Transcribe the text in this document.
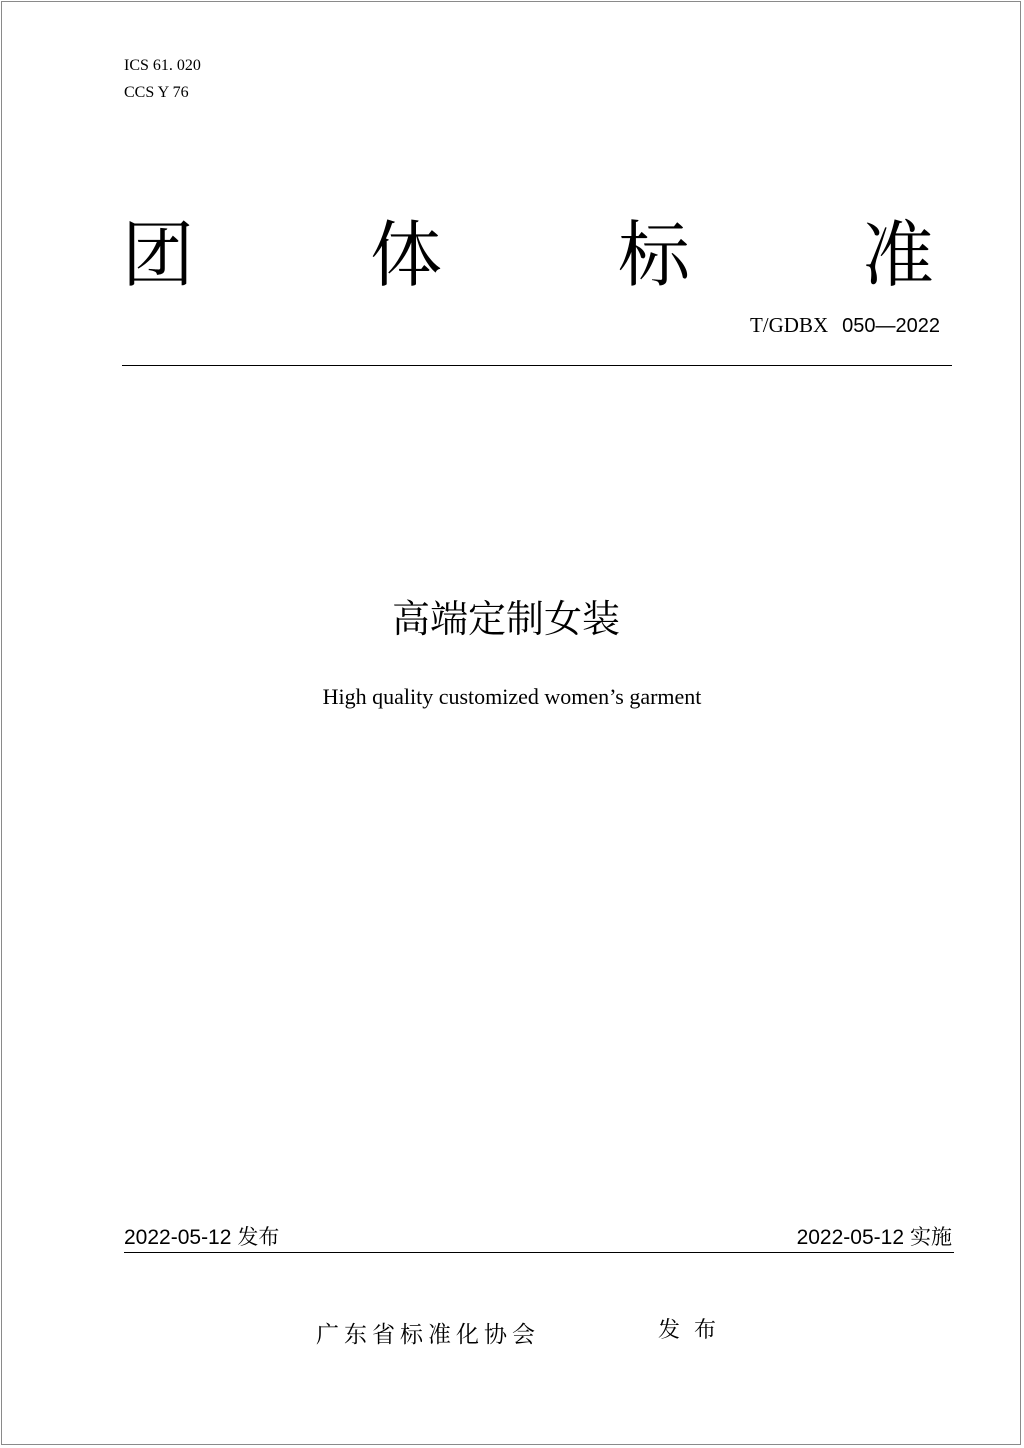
ICS 61. 020
CCS Y 76
团 体 标 准
T/GDBX 050—2022
高端定制女装
High quality customized women’s garment
2022-05-12 发布	2022-05-12 实施
广东省标准化协会	发布
